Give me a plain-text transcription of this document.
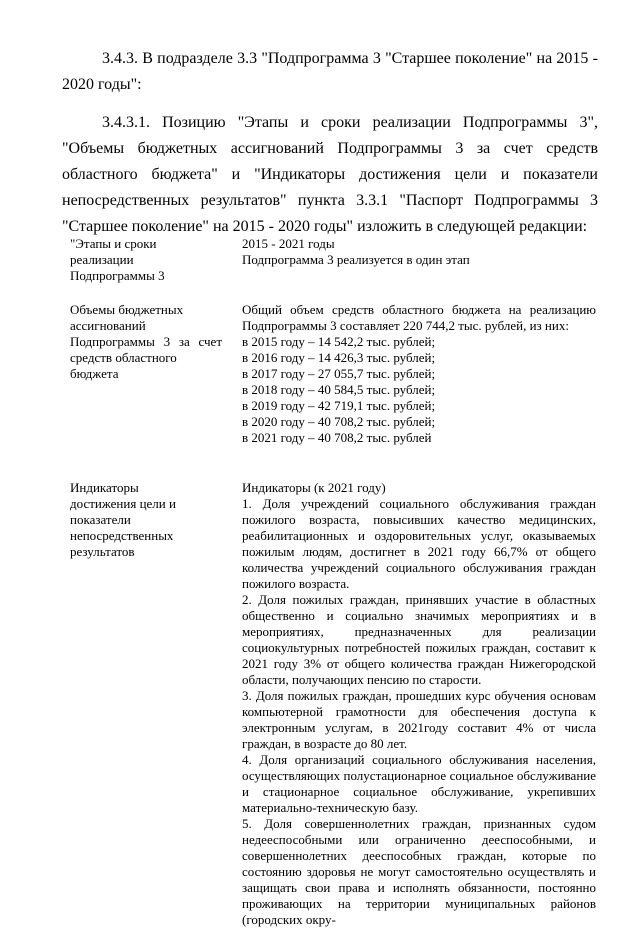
3.4.3. В подразделе 3.3 "Подпрограмма 3 "Старшее поколение" на 2015 - 2020 годы":

3.4.3.1. Позицию "Этапы и сроки реализации Подпрограммы 3", "Объемы бюджетных ассигнований Подпрограммы 3 за счет средств областного бюджета" и "Индикаторы достижения цели и показатели непосредственных результатов" пункта 3.3.1 "Паспорт Подпрограммы 3 "Старшее поколение" на 2015 - 2020 годы" изложить в следующей редакции:

"Этапы и сроки
реализации
Подпрограммы 3
2015 - 2021 годы
Подпрограмма 3 реализуется в один этап
Объемы бюджетных
ассигнований
Подпрограммы 3 за счет
средств областного
бюджета
Общий объем средств областного бюджета на реализацию Подпрограммы 3 составляет 220 744,2 тыс. рублей, из них:
в 2015 году – 14 542,2 тыс. рублей;
в 2016 году – 14 426,3 тыс. рублей;
в 2017 году – 27 055,7 тыс. рублей;
в 2018 году – 40 584,5 тыс. рублей;
в 2019 году – 42 719,1 тыс. рублей;
в 2020 году – 40 708,2 тыс. рублей;
в 2021 году – 40 708,2 тыс. рублей
Индикаторы
достижения цели и
показатели
непосредственных
результатов
Индикаторы (к 2021 году)
1. Доля учреждений социального обслуживания граждан пожилого возраста, повысивших качество медицинских, реабилитационных и оздоровительных услуг, оказываемых пожилым людям, достигнет в 2021 году 66,7% от общего количества учреждений социального обслуживания граждан пожилого возраста.
2. Доля пожилых граждан, принявших участие в областных общественно и социально значимых мероприятиях и в мероприятиях, предназначенных для реализации социокультурных потребностей пожилых граждан, составит к 2021 году 3% от общего количества граждан Нижегородской области, получающих пенсию по старости.
3. Доля пожилых граждан, прошедших курс обучения основам компьютерной грамотности для обеспечения доступа к электронным услугам, в 2021году составит 4% от числа граждан, в возрасте до 80 лет.
4. Доля организаций социального обслуживания населения, осуществляющих полустационарное социальное обслуживание и стационарное социальное обслуживание, укрепивших материально-техническую базу.
5. Доля совершеннолетних граждан, признанных судом недееспособными или ограниченно дееспособными, и совершеннолетних дееспособных граждан, которые по состоянию здоровья не могут самостоятельно осуществлять и защищать свои права и исполнять обязанности, постоянно проживающих на территории муниципальных районов (городских окру-
